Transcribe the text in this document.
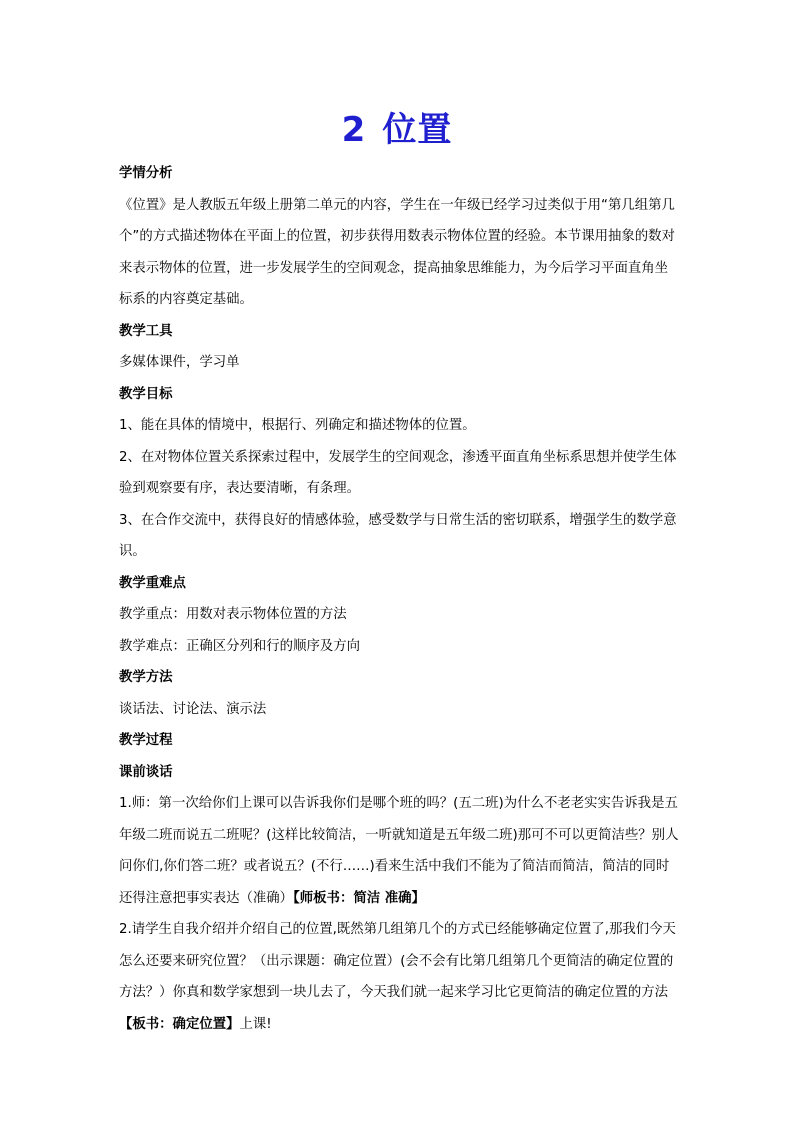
2 位置

学情分析

《位置》是人教版五年级上册第二单元的内容，学生在一年级已经学习过类似于用“第几组第几个”的方式描述物体在平面上的位置，初步获得用数表示物体位置的经验。本节课用抽象的数对来表示物体的位置，进一步发展学生的空间观念，提高抽象思维能力，为今后学习平面直角坐标系的内容奠定基础。

教学工具

多媒体课件，学习单

教学目标

1、能在具体的情境中，根据行、列确定和描述物体的位置。

2、在对物体位置关系探索过程中，发展学生的空间观念，渗透平面直角坐标系思想并使学生体验到观察要有序，表达要清晰，有条理。

3、在合作交流中，获得良好的情感体验，感受数学与日常生活的密切联系，增强学生的数学意识。

教学重难点

教学重点：用数对表示物体位置的方法

教学难点：正确区分列和行的顺序及方向

教学方法

谈话法、讨论法、演示法

教学过程

课前谈话

1.师：第一次给你们上课可以告诉我你们是哪个班的吗？(五二班)为什么不老老实实告诉我是五年级二班而说五二班呢？(这样比较简洁，一听就知道是五年级二班)那可不可以更简洁些？别人问你们,你们答二班？或者说五？(不行……)看来生活中我们不能为了简洁而简洁，简洁的同时还得注意把事实表达（准确）【师板书：简洁 准确】

2.请学生自我介绍并介绍自己的位置,既然第几组第几个的方式已经能够确定位置了,那我们今天怎么还要来研究位置？（出示课题：确定位置）(会不会有比第几组第几个更简洁的确定位置的方法？）你真和数学家想到一块儿去了，今天我们就一起来学习比它更简洁的确定位置的方法【板书：确定位置】上课!
